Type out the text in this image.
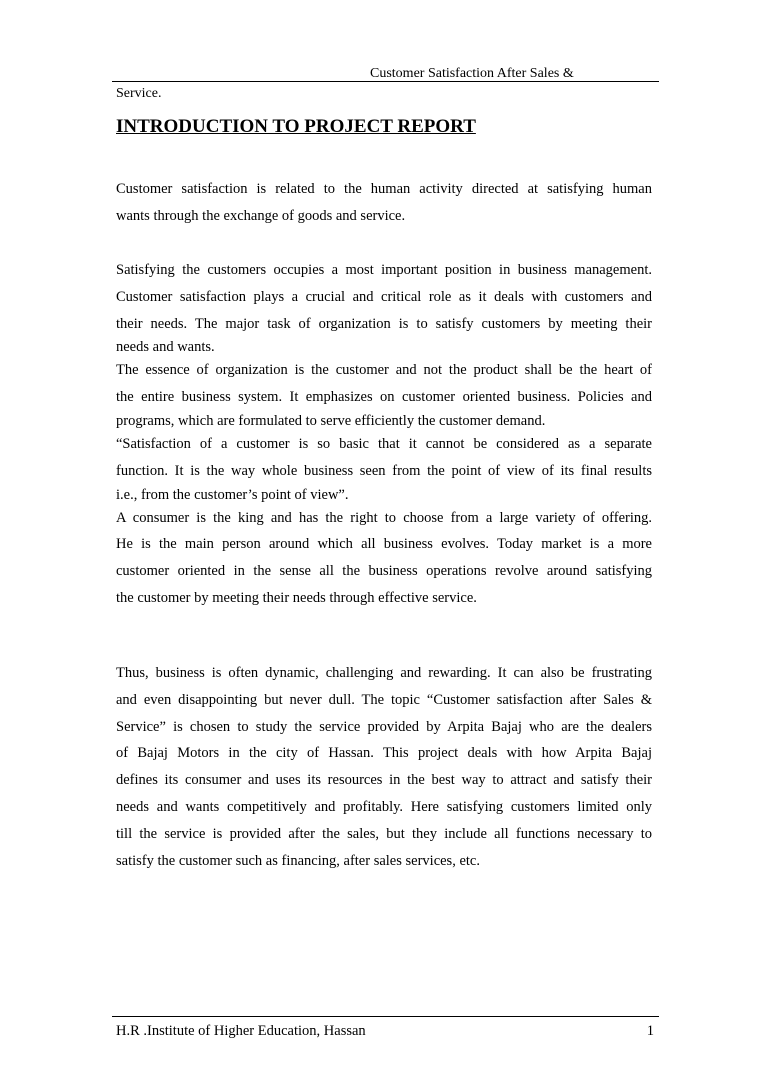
Customer Satisfaction After Sales &
Service.
INTRODUCTION TO PROJECT REPORT
Customer satisfaction is related to the human activity directed at satisfying human
wants through the exchange of goods and service.
Satisfying the customers occupies a most important position in business management.
Customer satisfaction plays a crucial and critical role as it deals with customers and
their needs. The major task of organization is to satisfy customers by meeting their
needs and wants.
The essence of organization is the customer and not the product shall be the heart of
the entire business system. It emphasizes on customer oriented business. Policies and
programs, which are formulated to serve efficiently the customer demand.
“Satisfaction of a customer is so basic that it cannot be considered as a separate
function. It is the way whole business seen from the point of view of its final results
i.e., from the customer’s point of view”.
A consumer is the king and has the right to choose from a large variety of offering.
He is the main person around which all business evolves. Today market is a more
customer oriented in the sense all the business operations revolve around satisfying
the customer by meeting their needs through effective service.
Thus, business is often dynamic, challenging and rewarding. It can also be frustrating
and even disappointing but never dull. The topic “Customer satisfaction after Sales &
Service” is chosen to study the service provided by Arpita Bajaj who are the dealers
of Bajaj Motors in the city of Hassan. This project deals with how Arpita Bajaj
defines its consumer and uses its resources in the best way to attract and satisfy their
needs and wants competitively and profitably. Here satisfying customers limited only
till the service is provided after the sales, but they include all functions necessary to
satisfy the customer such as financing, after sales services, etc.
H.R .Institute of Higher Education, Hassan	1
